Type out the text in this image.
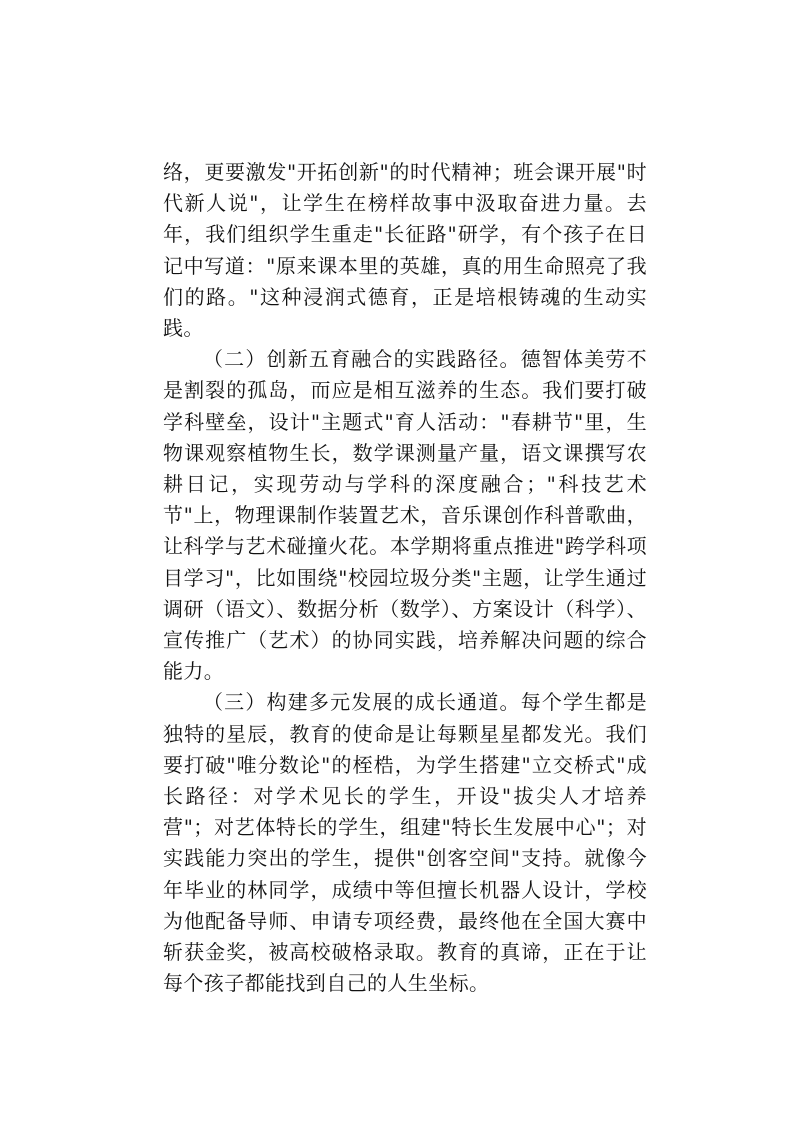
络，更要激发"开拓创新"的时代精神；班会课开展"时代新人说"，让学生在榜样故事中汲取奋进力量。去年，我们组织学生重走"长征路"研学，有个孩子在日记中写道："原来课本里的英雄，真的用生命照亮了我们的路。"这种浸润式德育，正是培根铸魂的生动实践。

（二）创新五育融合的实践路径。德智体美劳不是割裂的孤岛，而应是相互滋养的生态。我们要打破学科壁垒，设计"主题式"育人活动："春耕节"里，生物课观察植物生长，数学课测量产量，语文课撰写农耕日记，实现劳动与学科的深度融合；"科技艺术节"上，物理课制作装置艺术，音乐课创作科普歌曲，让科学与艺术碰撞火花。本学期将重点推进"跨学科项目学习"，比如围绕"校园垃圾分类"主题，让学生通过调研（语文）、数据分析（数学）、方案设计（科学）、宣传推广（艺术）的协同实践，培养解决问题的综合能力。

（三）构建多元发展的成长通道。每个学生都是独特的星辰，教育的使命是让每颗星星都发光。我们要打破"唯分数论"的桎梏，为学生搭建"立交桥式"成长路径：对学术见长的学生，开设"拔尖人才培养营"；对艺体特长的学生，组建"特长生发展中心"；对实践能力突出的学生，提供"创客空间"支持。就像今年毕业的林同学，成绩中等但擅长机器人设计，学校为他配备导师、申请专项经费，最终他在全国大赛中斩获金奖，被高校破格录取。教育的真谛，正在于让每个孩子都能找到自己的人生坐标。
